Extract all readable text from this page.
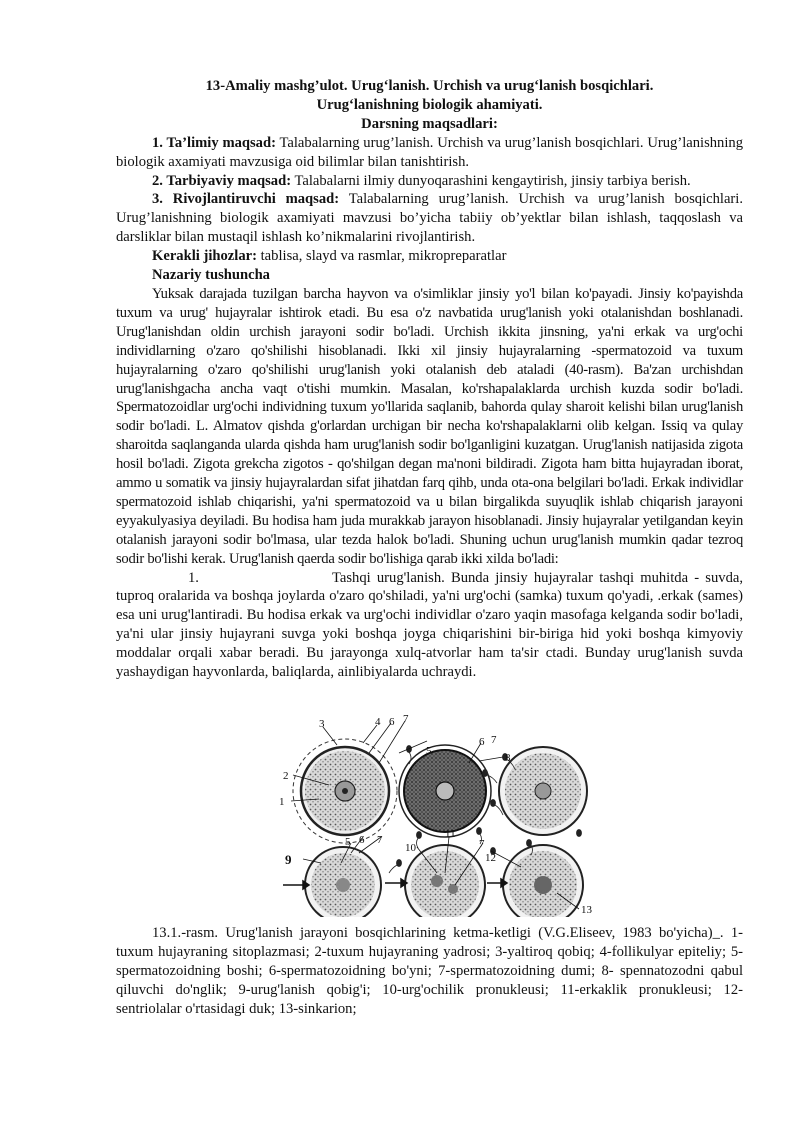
13-Amaliy mashg’ulot. Urug‘lanish. Urchish va urug‘lanish bosqichlari.
Urug‘lanishning biologik ahamiyati.
Darsning maqsadlari:

1. Ta’limiy maqsad: Talabalarning urug’lanish. Urchish va urug’lanish bosqichlari. Urug’lanishning biologik axamiyati mavzusiga oid bilimlar bilan tanishtirish.

2. Tarbiyaviy maqsad: Talabalarni ilmiy dunyoqarashini kengaytirish, jinsiy tarbiya berish.

3. Rivojlantiruvchi maqsad: Talabalarning urug’lanish. Urchish va urug’lanish bosqichlari. Urug’lanishning biologik axamiyati mavzusi bo’yicha tabiiy ob’yektlar bilan ishlash, taqqoslash va darsliklar bilan mustaqil ishlash ko’nikmalarini rivojlantirish.

Kerakli jihozlar: tablisa, slayd va rasmlar, mikropreparatlar

Nazariy tushuncha

Yuksak darajada tuzilgan barcha hayvon va o'simliklar jinsiy yo'l bilan ko'payadi. Jinsiy ko'payishda tuxum va urug' hujayralar ishtirok etadi. Bu esa o'z navbatida urug'lanish yoki otalanishdan boshlanadi. Urug'lanishdan oldin urchish jarayoni sodir bo'ladi. Urchish ikkita jinsning, ya'ni erkak va urg'ochi individlarning o'zaro qo'shilishi hisoblanadi. Ikki xil jinsiy hujayralarning -spermatozoid va tuxum hujayralarning o'zaro qo'shilishi urug'lanish yoki otalanish deb ataladi (40-rasm). Ba'zan urchishdan urug'lanishgacha ancha vaqt o'tishi mumkin. Masalan, ko'rshapalaklarda urchish kuzda sodir bo'ladi. Spermatozoidlar urg'ochi individning tuxum yo'llarida saqlanib, bahorda qulay sharoit kelishi bilan urug'lanish sodir bo'ladi. L. Almatov qishda g'orlardan urchigan bir necha ko'rshapalaklarni olib kelgan. Issiq va qulay sharoitda saqlanganda ularda qishda ham urug'lanish sodir bo'lganligini kuzatgan. Urug'lanish natijasida zigota hosil bo'ladi. Zigota grekcha zigotos - qo'shilgan degan ma'noni bildiradi. Zigota ham bitta hujayradan iborat, ammo u somatik va jinsiy hujayralardan sifat jihatdan farq qihb, unda ota-ona belgilari bo'ladi. Erkak individlar spermatozoid ishlab chiqarishi, ya'ni spermatozoid va u bilan birgalikda suyuqlik ishlab chiqarish jarayoni eyyakulyasiya deyiladi. Bu hodisa ham juda murakkab jarayon hisoblanadi. Jinsiy hujayralar yetilgandan keyin otalanish jarayoni sodir bo'lmasa, ular tezda halok bo'ladi. Shuning uchun urug'lanish mumkin qadar tezroq sodir bo'lishi kerak. Urug'lanish qaerda sodir bo'lishiga qarab ikki xilda bo'ladi:

1.	Tashqi urug'lanish. Bunda jinsiy hujayralar tashqi muhitda - suvda, tuproq oralarida va boshqa joylarda o'zaro qo'shiladi, ya'ni urg'ochi (samka) tuxum qo'yadi, .erkak (sames) esa uni urug'lantiradi. Bu hodisa erkak va urg'ochi individlar o'zaro yaqin masofaga kelganda sodir bo'ladi, ya'ni ular jinsiy hujayrani suvga yoki boshqa joyga chiqarishini bir-biriga hid yoki boshqa kimyoviy moddalar orqali xabar beradi. Bu jarayonga xulq-atvorlar ham ta'sir ctadi. Bunday urug'lanish suvda yashaydigan hayvonlarda, baliqlarda, ainlibiyalarda uchraydi.

1
2
3	4
5
6 7
6 7
8
9
5 6 7	11
10	7
12
13

13.1.-rasm. Urug'lanish jarayoni bosqichlarining ketma-ketligi (V.G.Eliseev, 1983 bo'yicha)_. 1-tuxum hujayraning sitoplazmasi; 2-tuxum hujayraning yadrosi; 3-yaltiroq qobiq; 4-follikulyar epiteliy; 5-spermatozoidning boshi; 6-spermatozoidning bo'yni; 7-spermatozoidning dumi; 8- spennatozodni qabul qiluvchi do'nglik; 9-urug'lanish qobig'i; 10-urg'ochilik pronukleusi; 11-erkaklik pronukleusi; 12-sentriolalar o'rtasidagi duk; 13-sinkarion;
